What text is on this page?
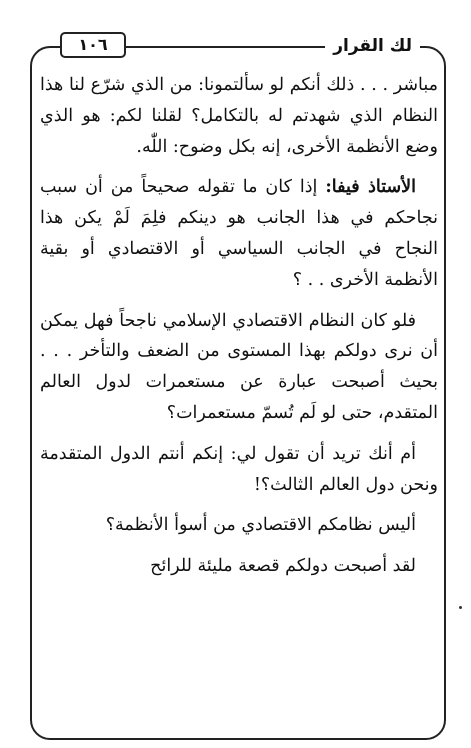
لك القرار
١٠٦

مباشر . . . ذلك أنكم لو سألتمونا: من الذي شرّع لنا هذا النظام الذي شهدتم له بالتكامل؟ لقلنا لكم: هو الذي وضع الأنظمة الأخرى، إنه بكل وضوح: اللّٰه.

الأستاذ فيفا: إذا كان ما تقوله صحيحاً من أن سبب نجاحكم في هذا الجانب هو دينكم فلِمَ لَمْ يكن هذا النجاح في الجانب السياسي أو الاقتصادي أو بقية الأنظمة الأخرى . . ؟

فلو كان النظام الاقتصادي الإسلامي ناجحاً فهل يمكن أن نرى دولكم بهذا المستوى من الضعف والتأخر . . . بحيث أصبحت عبارة عن مستعمرات لدول العالم المتقدم، حتى لو لَم تُسمّ مستعمرات؟

أم أنك تريد أن تقول لي: إنكم أنتم الدول المتقدمة ونحن دول العالم الثالث؟!

أليس نظامكم الاقتصادي من أسوأ الأنظمة؟

لقد أصبحت دولكم قصعة مليئة للرائح
